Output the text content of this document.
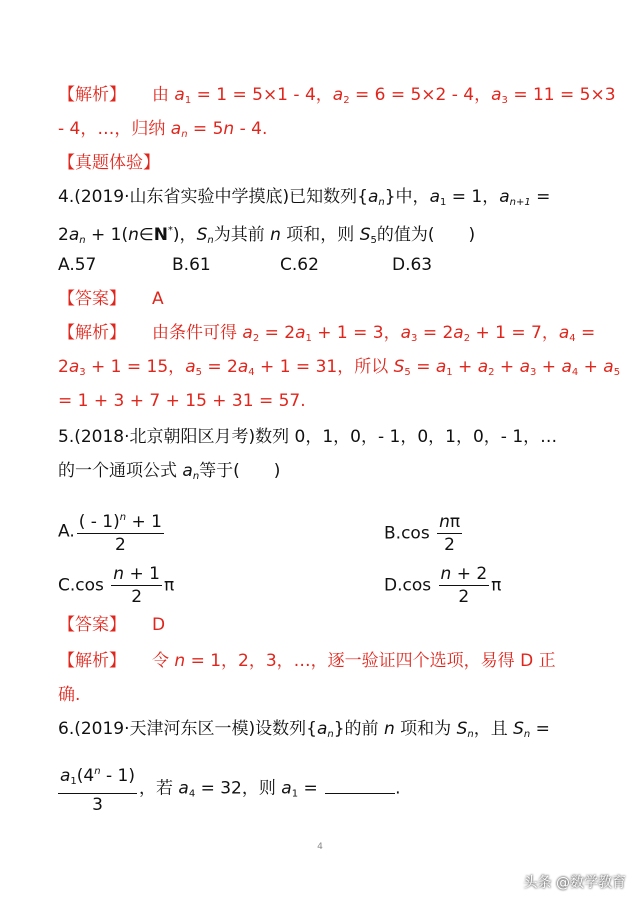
【解析】 由 $a_1 = 1 = 5\times 1 - 4$，$a_2 = 6 = 5\times 2 - 4$，$a_3 = 11 = 5\times 3$
- 4，…，归纳 $a_n = 5n - 4$.
【真题体验】
4.(2019·山东省实验中学摸底)已知数列$\{a_n\}$中，$a_1 = 1$，$a_{n+1}$ =
$2a_n$ + 1(n∈N*)，$S_n$为其前 n 项和，则 $S_5$的值为(　　)
A.57	B.61	C.62	D.63
【答案】 A
【解析】 由条件可得 $a_2 = 2a_1 + 1 = 3$，$a_3 = 2a_2 + 1 = 7$，$a_4$ =
$2a_3 + 1 = 15$，$a_5 = 2a_4 + 1 = 31$，所以 $S_5 = a_1 + a_2 + a_3 + a_4 + a_5$
= 1 + 3 + 7 + 15 + 31 = 57.
5.(2018·北京朝阳区月考)数列 0，1，0，- 1，0，1，0，- 1，…
的一个通项公式 $a_n$等于(　　)
A. $\frac{( - 1)^n + 1}{2}$	$B.\cos \frac{n\pi}{2}$
$C.\cos \frac{n + 1}{2}$ π	$D.\cos \frac{n + 2}{2}$ π
【答案】 D
【解析】 令 n = 1，2，3，…，逐一验证四个选项，易得 D 正
确.
6.(2019·天津河东区一模)设数列$\{a_n\}$的前 n 项和为 $S_n$，且 $S_n$ =
$\frac{a_1(4^n - 1)}{3}$ ，若 $a_4 = 32$，则 $a_1$ =	.
4
头条 @数学教育
